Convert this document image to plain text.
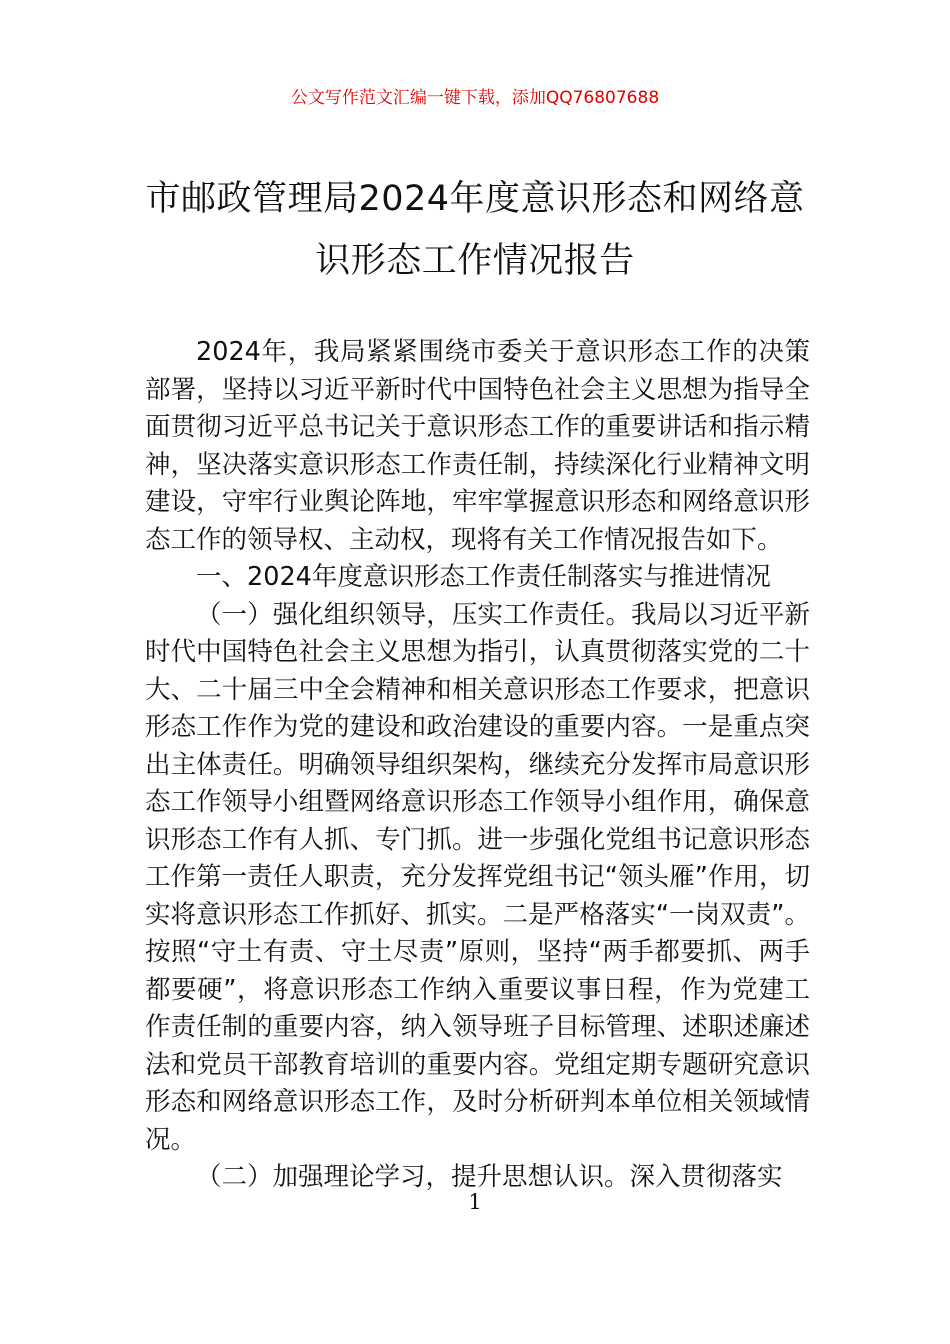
公文写作范文汇编一键下载，添加QQ76807688
市邮政管理局2024年度意识形态和网络意
识形态工作情况报告

2024年，我局紧紧围绕市委关于意识形态工作的决策部署，坚持以习近平新时代中国特色社会主义思想为指导全面贯彻习近平总书记关于意识形态工作的重要讲话和指示精神，坚决落实意识形态工作责任制，持续深化行业精神文明建设，守牢行业舆论阵地，牢牢掌握意识形态和网络意识形态工作的领导权、主动权，现将有关工作情况报告如下。

一、2024年度意识形态工作责任制落实与推进情况

（一）强化组织领导，压实工作责任。我局以习近平新时代中国特色社会主义思想为指引，认真贯彻落实党的二十大、二十届三中全会精神和相关意识形态工作要求，把意识形态工作作为党的建设和政治建设的重要内容。一是重点突出主体责任。明确领导组织架构，继续充分发挥市局意识形态工作领导小组暨网络意识形态工作领导小组作用，确保意识形态工作有人抓、专门抓。进一步强化党组书记意识形态工作第一责任人职责，充分发挥党组书记“领头雁”作用，切实将意识形态工作抓好、抓实。二是严格落实“一岗双责”。按照“守土有责、守土尽责”原则，坚持“两手都要抓、两手都要硬”，将意识形态工作纳入重要议事日程，作为党建工作责任制的重要内容，纳入领导班子目标管理、述职述廉述法和党员干部教育培训的重要内容。党组定期专题研究意识形态和网络意识形态工作，及时分析研判本单位相关领域情况。

（二）加强理论学习，提升思想认识。深入贯彻落实

1
